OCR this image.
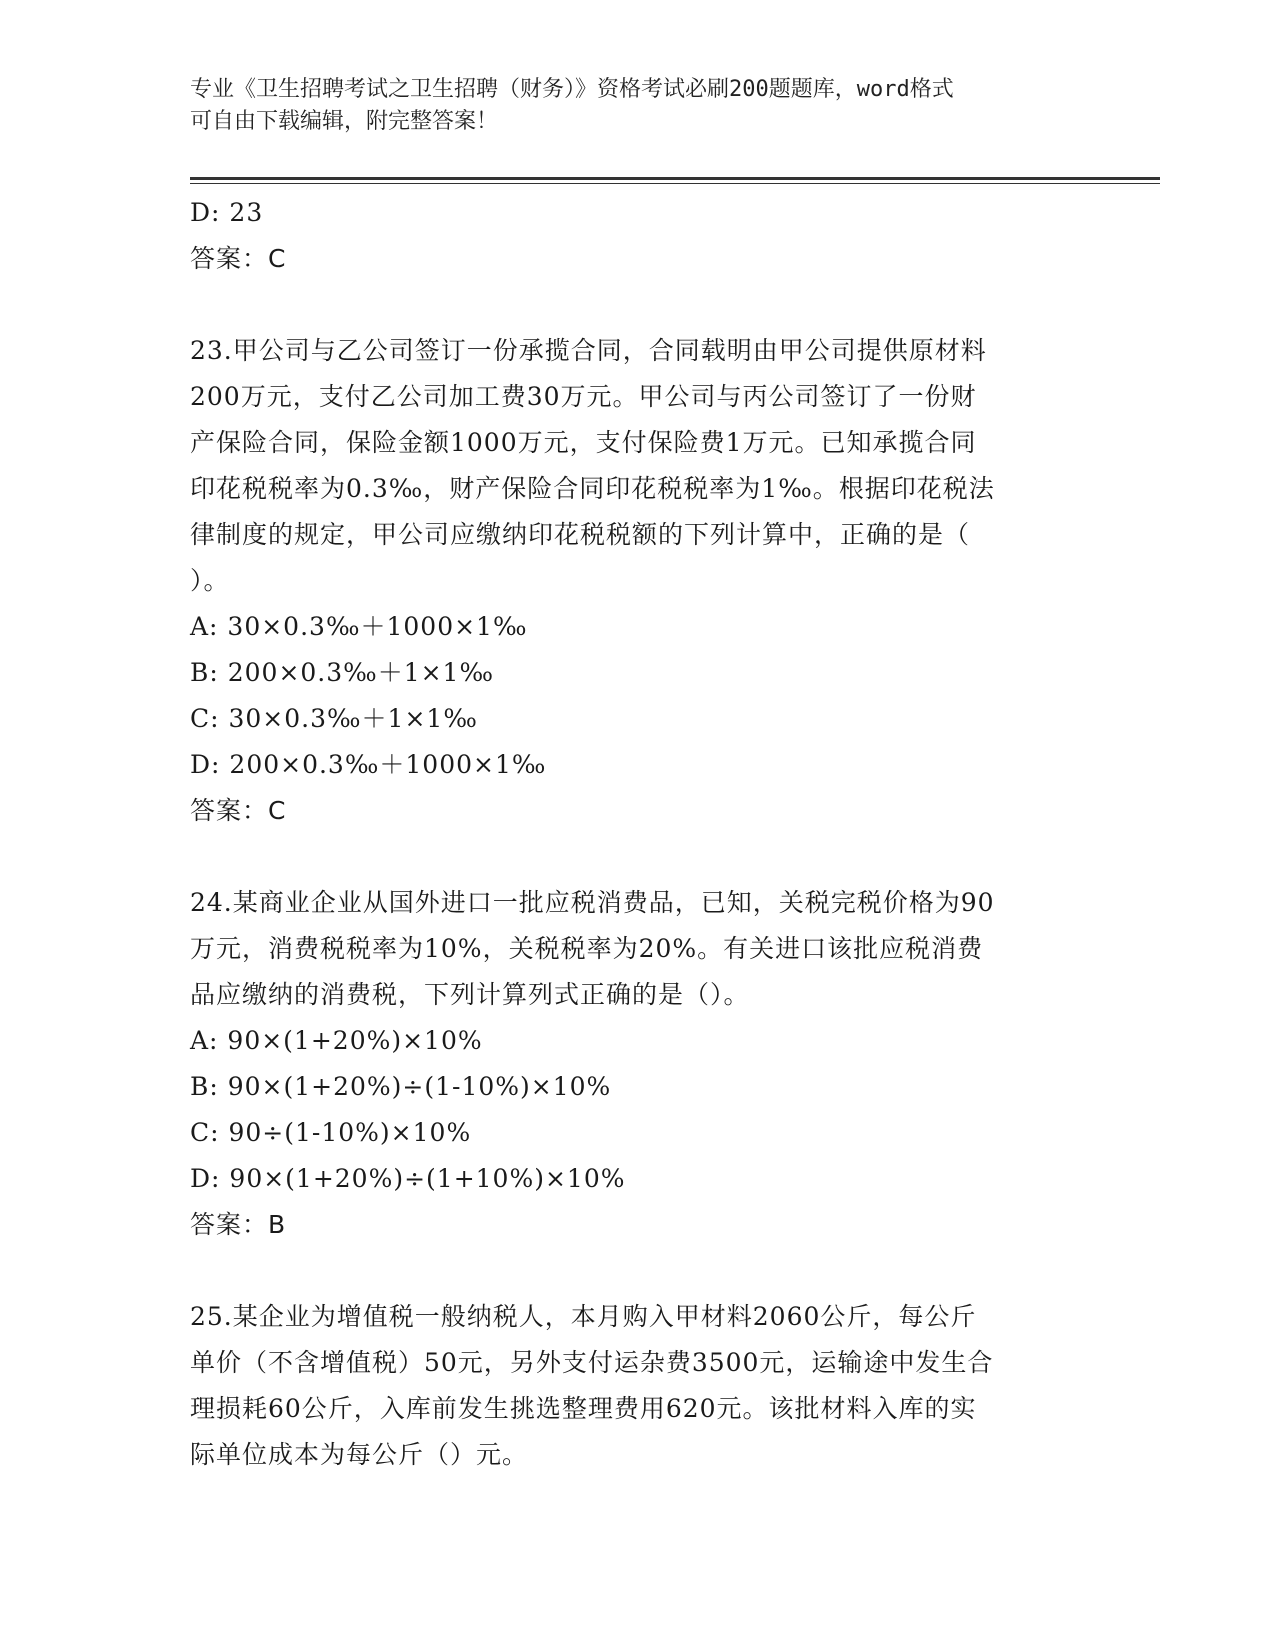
专业《卫生招聘考试之卫生招聘（财务）》资格考试必刷200题题库，word格式
可自由下载编辑，附完整答案！
D: 23
答案：C
23.甲公司与乙公司签订一份承揽合同，合同载明由甲公司提供原材料
200万元，支付乙公司加工费30万元。甲公司与丙公司签订了一份财
产保险合同，保险金额1000万元，支付保险费1万元。已知承揽合同
印花税税率为0.3‰，财产保险合同印花税税率为1‰。根据印花税法
律制度的规定，甲公司应缴纳印花税税额的下列计算中，正确的是（
）。
A: 30×0.3‰＋1000×1‰
B: 200×0.3‰＋1×1‰
C: 30×0.3‰＋1×1‰
D: 200×0.3‰＋1000×1‰
答案：C
24.某商业企业从国外进口一批应税消费品，已知，关税完税价格为90
万元，消费税税率为10%，关税税率为20%。有关进口该批应税消费
品应缴纳的消费税，下列计算列式正确的是（）。
A: 90×(1+20%)×10%
B: 90×(1+20%)÷(1-10%)×10%
C: 90÷(1-10%)×10%
D: 90×(1+20%)÷(1+10%)×10%
答案：B
25.某企业为增值税一般纳税人，本月购入甲材料2060公斤，每公斤
单价（不含增值税）50元，另外支付运杂费3500元，运输途中发生合
理损耗60公斤，入库前发生挑选整理费用620元。该批材料入库的实
际单位成本为每公斤（）元。
